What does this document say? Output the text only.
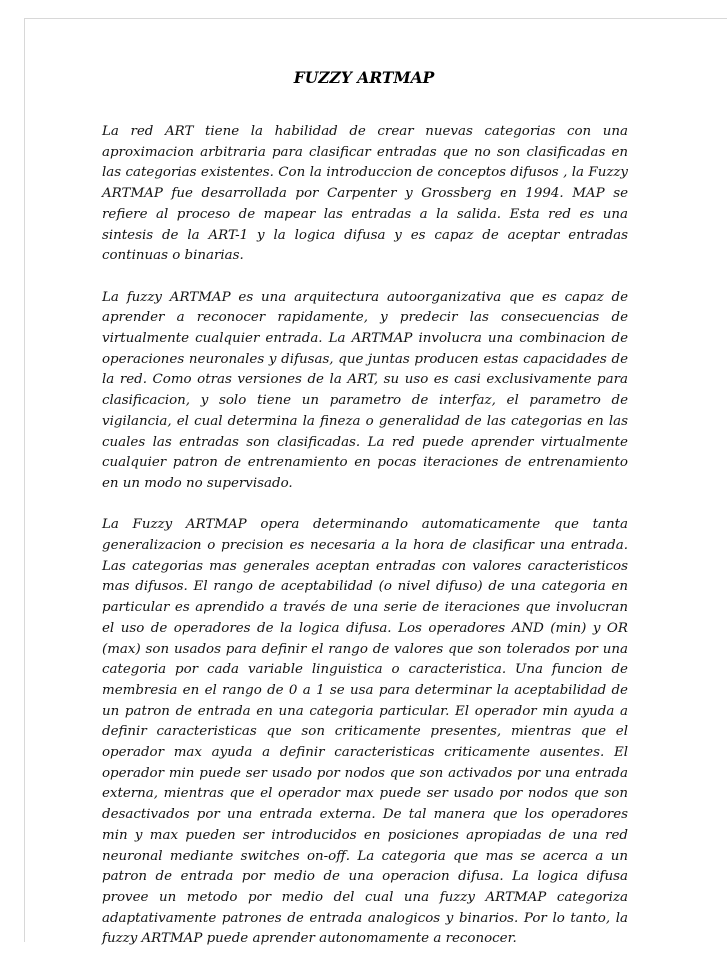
FUZZY ARTMAP

La red ART tiene la habilidad de crear nuevas categorias con una aproximacion arbitraria para clasificar entradas que no son clasificadas en las categorias existentes. Con la introduccion de conceptos difusos , la Fuzzy ARTMAP fue desarrollada por Carpenter y Grossberg en 1994. MAP se refiere al proceso de mapear las entradas a la salida. Esta red es una sintesis de la ART-1 y la logica difusa y es capaz de aceptar entradas continuas o binarias.

La fuzzy ARTMAP es una arquitectura autoorganizativa que es capaz de aprender a reconocer rapidamente, y predecir las consecuencias de virtualmente cualquier entrada. La ARTMAP involucra una combinacion de operaciones neuronales y difusas, que juntas producen estas capacidades de la red. Como otras versiones de la ART, su uso es casi exclusivamente para clasificacion, y solo tiene un parametro de interfaz, el parametro de vigilancia, el cual determina la fineza o generalidad de las categorias en las cuales las entradas son clasificadas. La red puede aprender virtualmente cualquier patron de entrenamiento en pocas iteraciones de entrenamiento en un modo no supervisado.

La Fuzzy ARTMAP opera determinando automaticamente que tanta generalizacion o precision es necesaria a la hora de clasificar una entrada. Las categorias mas generales aceptan entradas con valores caracteristicos mas difusos. El rango de aceptabilidad (o nivel difuso) de una categoria en particular es aprendido a través de una serie de iteraciones que involucran el uso de operadores de la logica difusa. Los operadores AND (min) y OR (max) son usados para definir el rango de valores que son tolerados por una categoria por cada variable linguistica o caracteristica. Una funcion de membresia en el rango de 0 a 1 se usa para determinar la aceptabilidad de un patron de entrada en una categoria particular. El operador min ayuda a definir caracteristicas que son criticamente presentes, mientras que el operador max ayuda a definir caracteristicas criticamente ausentes. El operador min puede ser usado por nodos que son activados por una entrada externa, mientras que el operador max puede ser usado por nodos que son desactivados por una entrada externa. De tal manera que los operadores min y max pueden ser introducidos en posiciones apropiadas de una red neuronal mediante switches on-off. La categoria que mas se acerca a un patron de entrada por medio de una operacion difusa. La logica difusa provee un metodo por medio del cual una fuzzy ARTMAP categoriza adaptativamente patrones de entrada analogicos y binarios. Por lo tanto, la fuzzy ARTMAP puede aprender autonomamente a reconocer.
